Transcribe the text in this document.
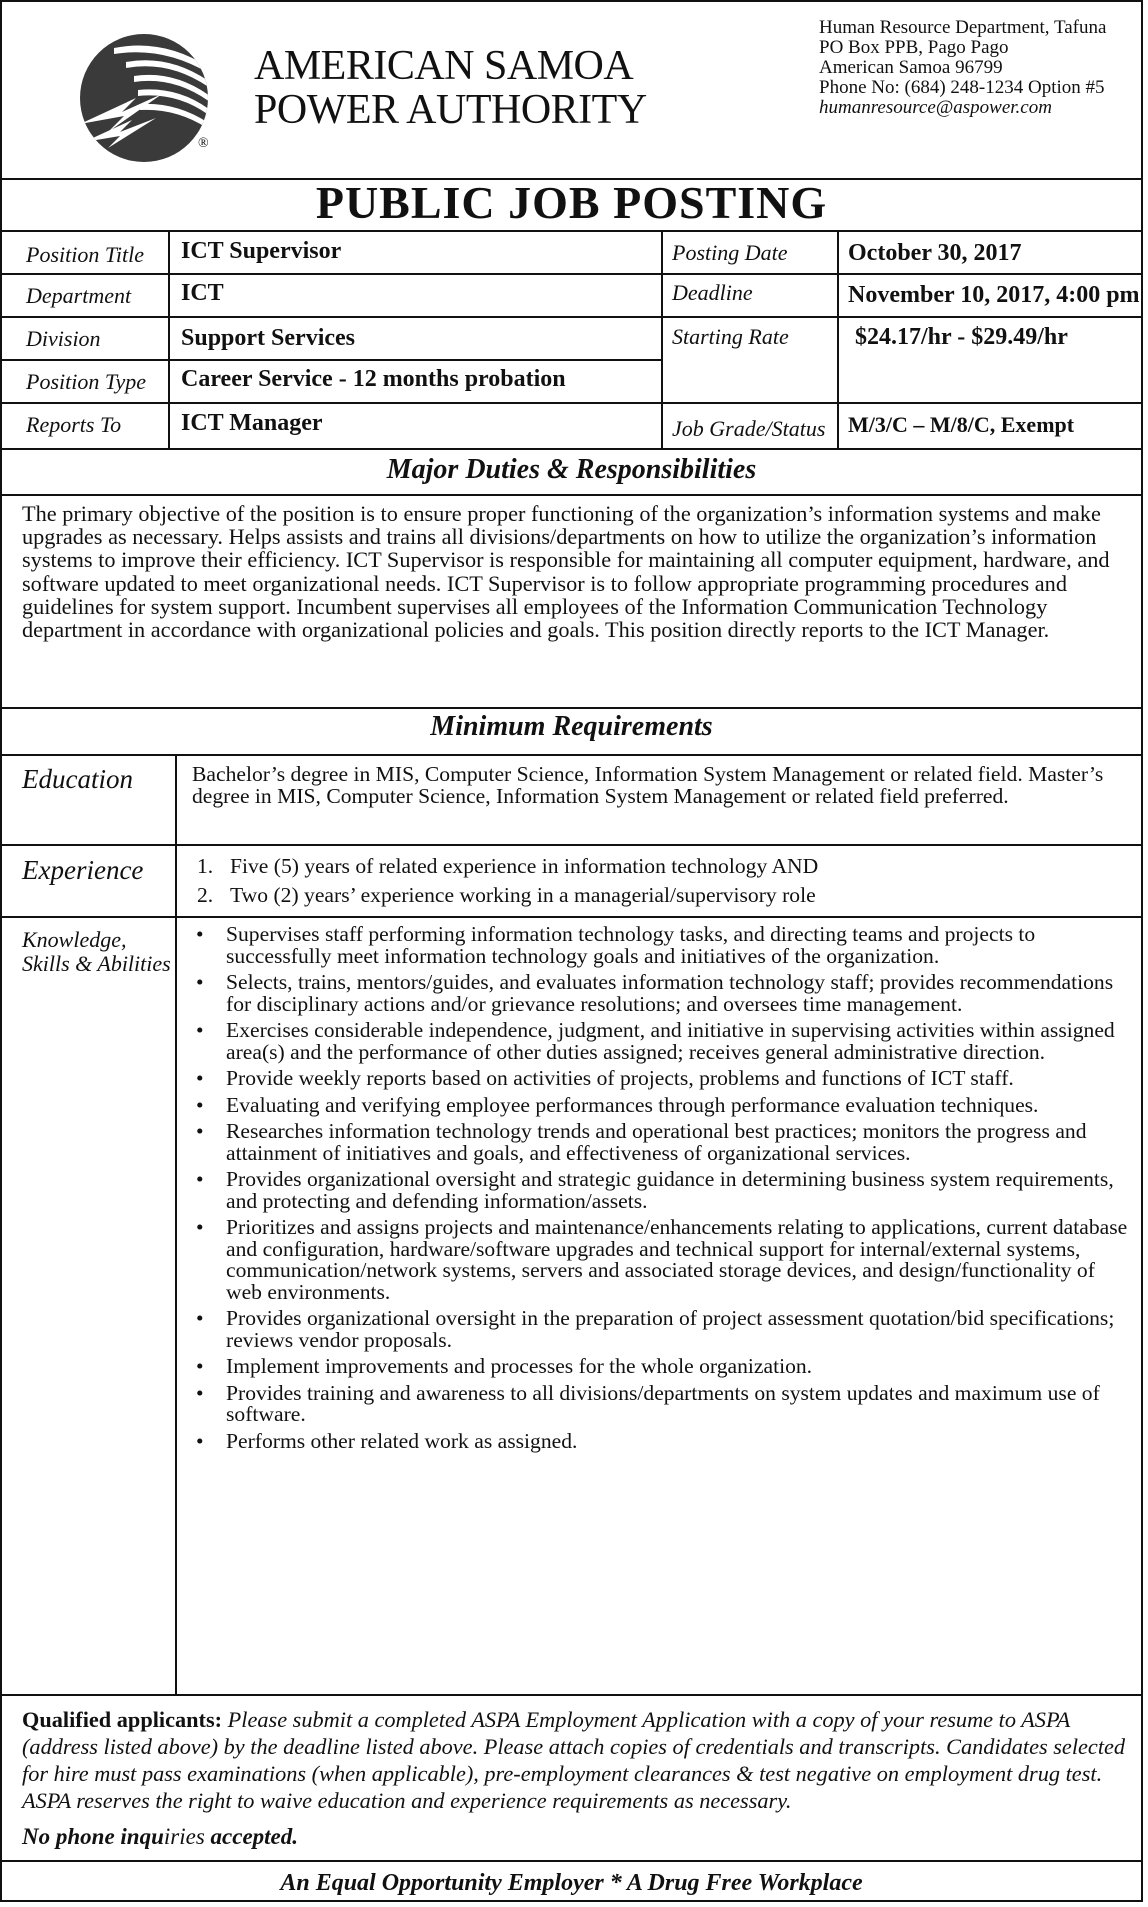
®
AMERICAN SAMOA
POWER AUTHORITY
Human Resource Department, Tafuna
PO Box PPB, Pago Pago
American Samoa 96799
Phone No: (684) 248-1234 Option #5
humanresource@aspower.com
PUBLIC JOB POSTING
Position Title ICT Supervisor	Posting Date	October 30, 2017
Department ICT	Deadline	November 10, 2017, 4:00 pm
Division	Support Services	Starting Rate	$24.17/hr - $29.49/hr
Position Type Career Service - 12 months probation
Reports To ICT Manager	Job Grade/Status M/3/C – M/8/C, Exempt
Major Duties & Responsibilities
The primary objective of the position is to ensure proper functioning of the organization’s information systems and make upgrades as necessary. Helps assists and trains all divisions/departments on how to utilize the organization’s information systems to improve their efficiency. ICT Supervisor is responsible for maintaining all computer equipment, hardware, and software updated to meet organizational needs. ICT Supervisor is to follow appropriate programming procedures and guidelines for system support. Incumbent supervises all employees of the Information Communication Technology department in accordance with organizational policies and goals. This position directly reports to the ICT Manager.
Minimum Requirements
Education	Bachelor’s degree in MIS, Computer Science, Information System Management or related field. Master’s degree in MIS, Computer Science, Information System Management or related field preferred.
Experience 1. Five (5) years of related experience in information technology AND
2. Two (2) years’ experience working in a managerial/supervisory role
Knowledge,
Skills & Abilities
• Supervises staff performing information technology tasks, and directing teams and projects to successfully meet information technology goals and initiatives of the organization.
• Selects, trains, mentors/guides, and evaluates information technology staff; provides recommendations for disciplinary actions and/or grievance resolutions; and oversees time management.
• Exercises considerable independence, judgment, and initiative in supervising activities within assigned area(s) and the performance of other duties assigned; receives general administrative direction.
• Provide weekly reports based on activities of projects, problems and functions of ICT staff.
• Evaluating and verifying employee performances through performance evaluation techniques.
• Researches information technology trends and operational best practices; monitors the progress and attainment of initiatives and goals, and effectiveness of organizational services.
• Provides organizational oversight and strategic guidance in determining business system requirements, and protecting and defending information/assets.
• Prioritizes and assigns projects and maintenance/enhancements relating to applications, current database and configuration, hardware/software upgrades and technical support for internal/external systems, communication/network systems, servers and associated storage devices, and design/functionality of web environments.
• Provides organizational oversight in the preparation of project assessment quotation/bid specifications; reviews vendor proposals.
• Implement improvements and processes for the whole organization.
• Provides training and awareness to all divisions/departments on system updates and maximum use of software.
• Performs other related work as assigned.
Qualified applicants: Please submit a completed ASPA Employment Application with a copy of your resume to ASPA (address listed above) by the deadline listed above. Please attach copies of credentials and transcripts. Candidates selected for hire must pass examinations (when applicable), pre-employment clearances & test negative on employment drug test. ASPA reserves the right to waive education and experience requirements as necessary.
No phone inquiries accepted.
An Equal Opportunity Employer * A Drug Free Workplace
